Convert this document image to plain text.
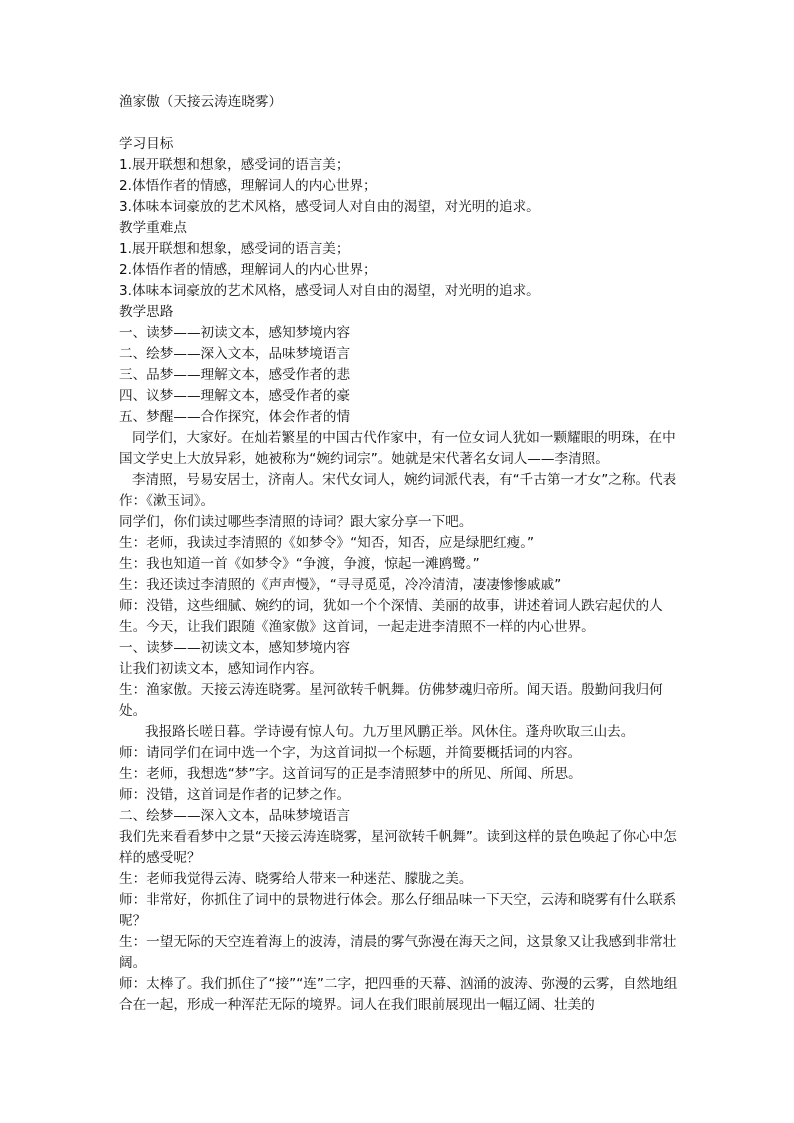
渔家傲（天接云涛连晓雾）

学习目标

1.展开联想和想象，感受词的语言美；

2.体悟作者的情感，理解词人的内心世界；

3.体味本词豪放的艺术风格，感受词人对自由的渴望，对光明的追求。

教学重难点

1.展开联想和想象，感受词的语言美；

2.体悟作者的情感，理解词人的内心世界；

3.体味本词豪放的艺术风格，感受词人对自由的渴望，对光明的追求。

教学思路

一、读梦——初读文本，感知梦境内容

二、绘梦——深入文本，品味梦境语言

三、品梦——理解文本，感受作者的悲

四、议梦——理解文本，感受作者的豪

五、梦醒——合作探究，体会作者的情

同学们，大家好。在灿若繁星的中国古代作家中，有一位女词人犹如一颗耀眼的明珠，在中国文学史上大放异彩，她被称为“婉约词宗”。她就是宋代著名女词人——李清照。

李清照，号易安居士，济南人。宋代女词人，婉约词派代表，有“千古第一才女”之称。代表作：《漱玉词》。

同学们，你们读过哪些李清照的诗词？跟大家分享一下吧。

生：老师，我读过李清照的《如梦令》“知否，知否，应是绿肥红瘦。”

生：我也知道一首《如梦令》“争渡，争渡，惊起一滩鸥鹭。”

生：我还读过李清照的《声声慢》，“寻寻觅觅，冷冷清清，凄凄惨惨戚戚”

师：没错，这些细腻、婉约的词，犹如一个个深情、美丽的故事，讲述着词人跌宕起伏的人生。今天，让我们跟随《渔家傲》这首词，一起走进李清照不一样的内心世界。

一、读梦——初读文本，感知梦境内容

让我们初读文本，感知词作内容。

生：渔家傲。天接云涛连晓雾。星河欲转千帆舞。仿佛梦魂归帝所。闻天语。殷勤问我归何处。

我报路长嗟日暮。学诗谩有惊人句。九万里风鹏正举。风休住。蓬舟吹取三山去。

师：请同学们在词中选一个字，为这首词拟一个标题，并简要概括词的内容。

生：老师，我想选“梦”字。这首词写的正是李清照梦中的所见、所闻、所思。

师：没错，这首词是作者的记梦之作。

二、绘梦——深入文本，品味梦境语言

我们先来看看梦中之景“天接云涛连晓雾，星河欲转千帆舞”。读到这样的景色唤起了你心中怎样的感受呢？

生：老师我觉得云涛、晓雾给人带来一种迷茫、朦胧之美。

师：非常好，你抓住了词中的景物进行体会。那么仔细品味一下天空，云涛和晓雾有什么联系呢？

生：一望无际的天空连着海上的波涛，清晨的雾气弥漫在海天之间，这景象又让我感到非常壮阔。

师：太棒了。我们抓住了“接”“连”二字，把四垂的天幕、汹涌的波涛、弥漫的云雾，自然地组合在一起，形成一种浑茫无际的境界。词人在我们眼前展现出一幅辽阔、壮美的
